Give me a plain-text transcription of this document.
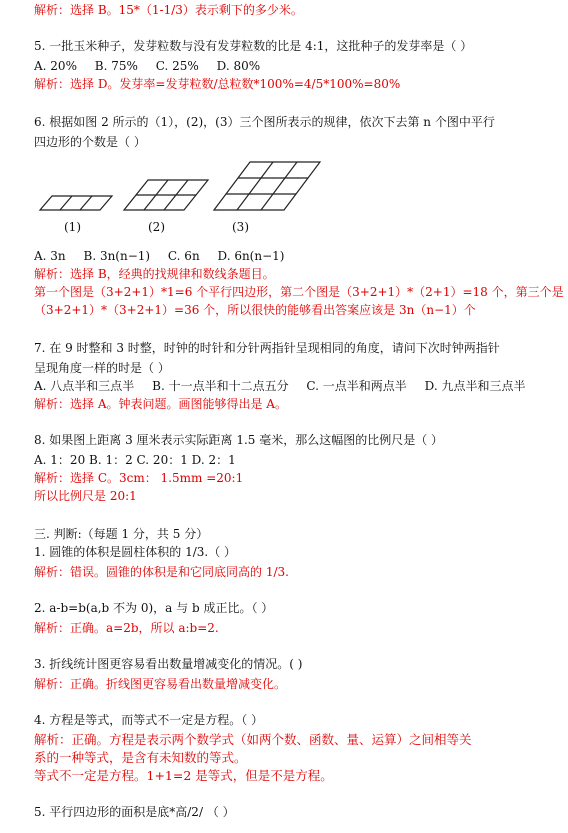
解析：选择 B。15*（1-1/3）表示剩下的多少米。
5. 一批玉米种子，发芽粒数与没有发芽粒数的比是 4:1，这批种子的发芽率是（ ）
A. 20% B. 75% C. 25% D. 80%
解析：选择 D。发芽率=发芽粒数/总粒数*100%=4/5*100%=80%
6. 根据如图 2 所示的（1），(2)，(3）三个图所表示的规律，依次下去第 n 个图中平行
四边形的个数是（ ）
(1)	(2)	(3)
A. 3n B. 3n(n−1) C. 6n D. 6n(n−1)
解析：选择 B，经典的找规律和数线条题目。
第一个图是（3+2+1）*1=6 个平行四边形，第二个图是（3+2+1）*（2+1）=18 个，第三个是
（3+2+1）*（3+2+1）=36 个，所以很快的能够看出答案应该是 3n（n−1）个
7. 在 9 时整和 3 时整，时钟的时针和分针两指针呈现相同的角度，请问下次时钟两指针
呈现角度一样的时是（ ）
A. 八点半和三点半 B. 十一点半和十二点五分 C. 一点半和两点半 D. 九点半和三点半
解析：选择 A。钟表问题。画图能够得出是 A。
8. 如果图上距离 3 厘米表示实际距离 1.5 毫米，那么这幅图的比例尺是（ ）
A. 1：20 B. 1：2 C. 20：1 D. 2：1
解析：选择 C。3cm： 1.5mm =20:1
所以比例尺是 20:1
三. 判断:（每题 1 分，共 5 分）
1. 圆锥的体积是圆柱体积的 1/3.（ ）
解析：错误。圆锥的体积是和它同底同高的 1/3.
2. a-b=b(a,b 不为 0)，a 与 b 成正比。（ ）
解析：正确。a=2b，所以 a:b=2.
3. 折线统计图更容易看出数量增减变化的情况。( )
解析：正确。折线图更容易看出数量增减变化。
4. 方程是等式，而等式不一定是方程。（ ）
解析：正确。方程是表示两个数学式（如两个数、函数、量、运算）之间相等关
系的一种等式，是含有未知数的等式。
等式不一定是方程。1+1=2 是等式，但是不是方程。
5. 平行四边形的面积是底*高/2/ （ ）
